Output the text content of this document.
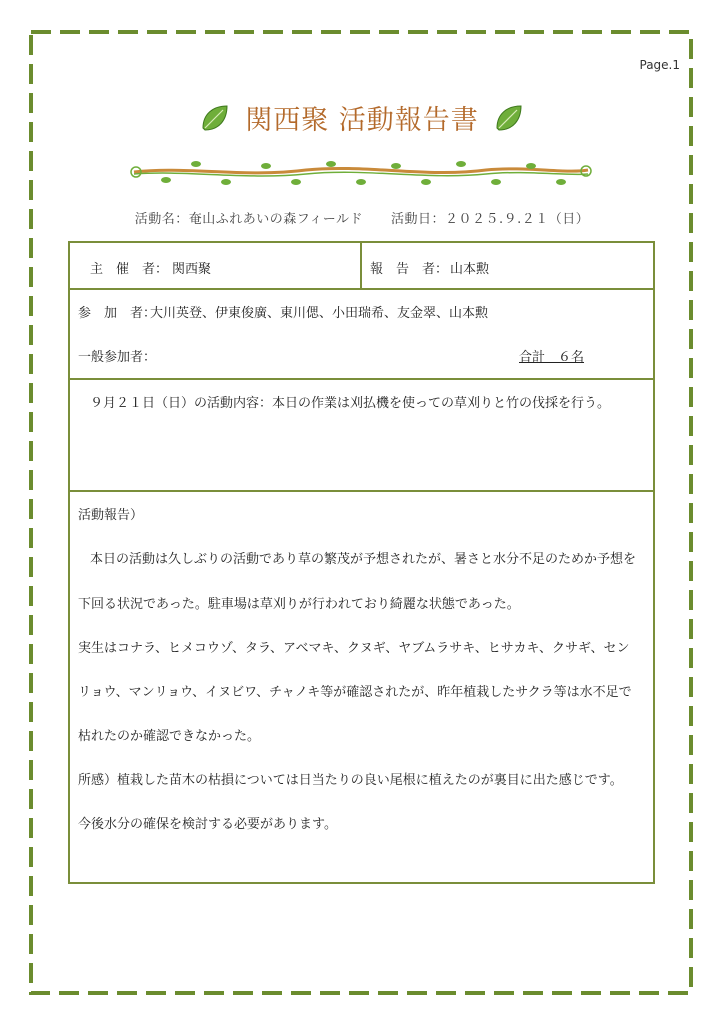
Page.1
関西聚 活動報告書
活動名：奄山ふれあいの森フィールド 活動日：２０２５.９.２１（日）
主　催　者： 関西聚	報　告　者： 山本勲
参　加　者：
大川英登、伊東俊廣、東川偲、小田瑞希、友金翠、山本勲
一般参加者：	合計　６名
９月２１日（日）の活動内容：本日の作業は刈払機を使っての草刈りと竹の伐採を行う。
活動報告）
本日の活動は久しぶりの活動であり草の繁茂が予想されたが、暑さと水分不足のためか予想を
下回る状況であった。駐車場は草刈りが行われており綺麗な状態であった。
実生はコナラ、ヒメコウゾ、タラ、アベマキ、クヌギ、ヤブムラサキ、ヒサカキ、クサギ、セン
リョウ、マンリョウ、イヌビワ、チャノキ等が確認されたが、昨年植栽したサクラ等は水不足で
枯れたのか確認できなかった。
所感）植栽した苗木の枯損については日当たりの良い尾根に植えたのが裏目に出た感じです。
今後水分の確保を検討する必要があります。
